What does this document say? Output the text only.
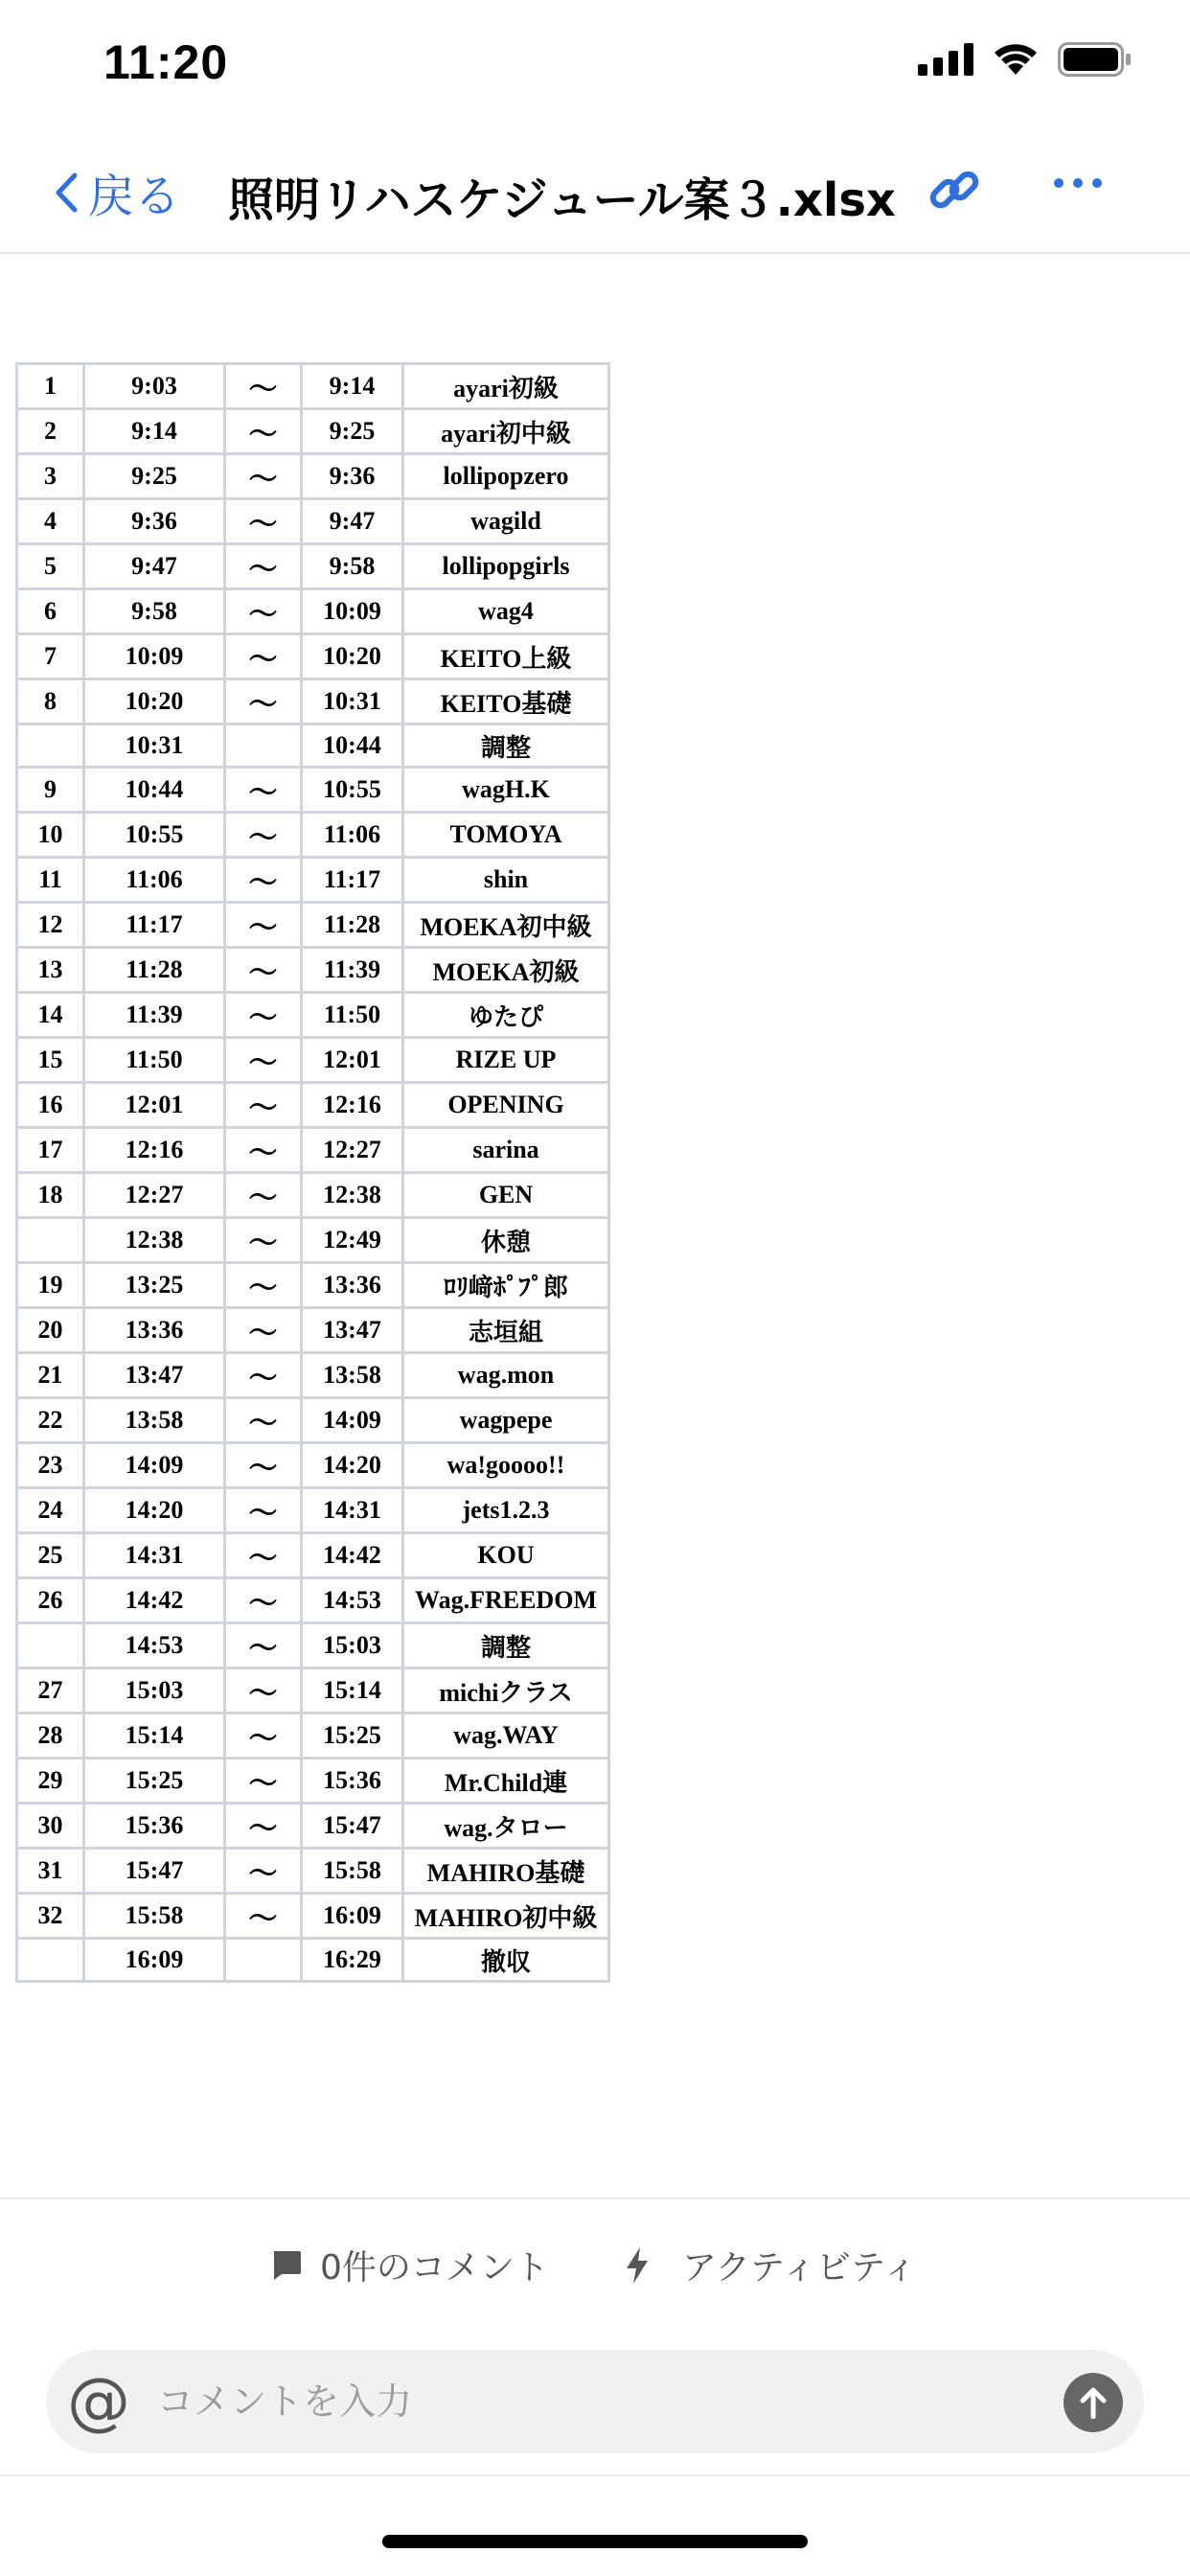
11:20
戻る 照明リハスケジュール案３.xlsx
1	9:03	～	9:14	ayari初級
2	9:14	～	9:25	ayari初中級
3	9:25	～	9:36	lollipopzero
4	9:36	～	9:47	wagild
5	9:47	～	9:58	lollipopgirls
6	9:58	～	10:09	wag4
7	10:09	～	10:20	KEITO上級
8	10:20	～	10:31	KEITO基礎
	10:31		10:44	調整
9	10:44	～	10:55	wagH.K
10	10:55	～	11:06	TOMOYA
11	11:06	～	11:17	shin
12	11:17	～	11:28	MOEKA初中級
13	11:28	～	11:39	MOEKA初級
14	11:39	～	11:50	ゆたぴ
15	11:50	～	12:01	RIZE UP
16	12:01	～	12:16	OPENING
17	12:16	～	12:27	sarina
18	12:27	～	12:38	GEN
	12:38	～	12:49	休憩
19	13:25	～	13:36	ﾛﾘ﨑ﾎﾟﾌﾟ郎
20	13:36	～	13:47	志垣組
21	13:47	～	13:58	wag.mon
22	13:58	～	14:09	wagpepe
23	14:09	～	14:20	wa!goooo!!
24	14:20	～	14:31	jets1.2.3
25	14:31	～	14:42	KOU
26	14:42	～	14:53	Wag.FREEDOM
	14:53	～	15:03	調整
27	15:03	～	15:14	michiクラス
28	15:14	～	15:25	wag.WAY
29	15:25	～	15:36	Mr.Child連
30	15:36	～	15:47	wag.タロー
31	15:47	～	15:58	MAHIRO基礎
32	15:58	～	16:09	MAHIRO初中級
	16:09		16:29	撤収
0件のコメント	アクティビティ
@
コメントを入力
